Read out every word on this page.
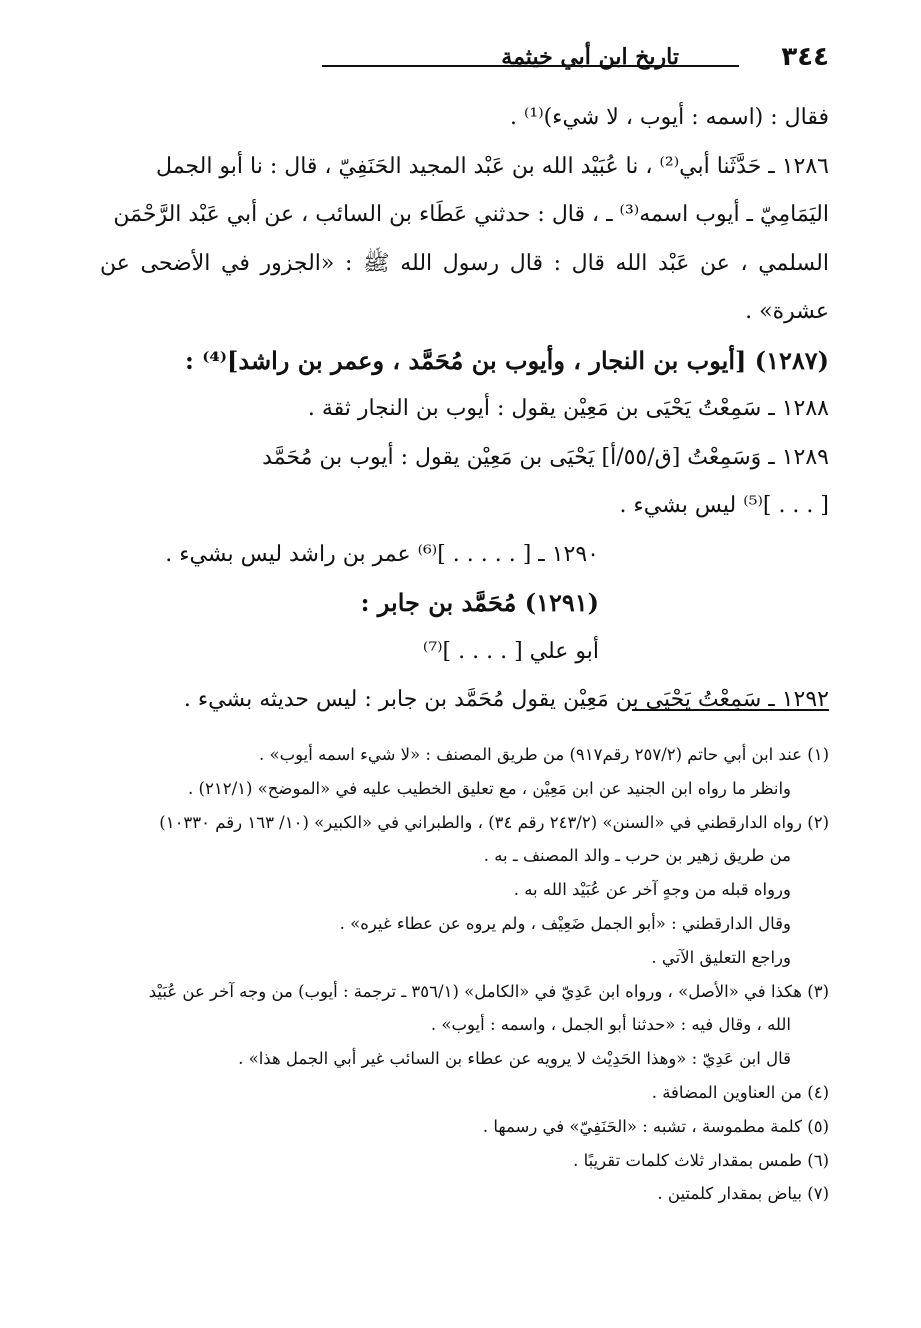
٣٤٤
تاريخ ابن أبي خيثمة

فقال : (اسمه : أيوب ، لا شيء)⁽¹⁾ .

١٢٨٦ ـ حَدَّثَنا أبي⁽²⁾ ، نا عُبَيْد الله بن عَبْد المجيد الحَنَفِيّ ، قال : نا أبو الجمل

اليَمَامِيّ ـ أيوب اسمه⁽³⁾ ـ ، قال : حدثني عَطَاء بن السائب ، عن أبي عَبْد الرَّحْمَن

السلمي ، عن عَبْد الله قال : قال رسول الله ﷺ : «الجزور في الأضحى عن عشرة» .

(١٢٨٧) [أيوب بن النجار ، وأيوب بن مُحَمَّد ، وعمر بن راشد]⁽⁴⁾ :

١٢٨٨ ـ سَمِعْتُ يَحْيَى بن مَعِيْن يقول : أيوب بن النجار ثقة .

١٢٨٩ ـ وَسَمِعْتُ [ق/٥٥/أ] يَحْيَى بن مَعِيْن يقول : أيوب بن مُحَمَّد

[ . . . ]⁽⁵⁾ ليس بشيء .

١٢٩٠ ـ [ . . . . . ]⁽⁶⁾ عمر بن راشد ليس بشيء .

(١٢٩١) مُحَمَّد بن جابر :

أبو علي [ . . . . ]⁽⁷⁾

١٢٩٢ ـ سَمِعْتُ يَحْيَى بن مَعِيْن يقول مُحَمَّد بن جابر : ليس حديثه بشيء .

(١) عند ابن أبي حاتم (٢٥٧/٢ رقم٩١٧) من طريق المصنف : «لا شيء اسمه أيوب» .

وانظر ما رواه ابن الجنيد عن ابن مَعِيْن ، مع تعليق الخطيب عليه في «الموضح» (٢١٢/١) .

(٢) رواه الدارقطني في «السنن» (٢٤٣/٢ رقم ٣٤) ، والطبراني في «الكبير» (١٠/ ١٦٣ رقم ١٠٣٣٠)

من طريق زهير بن حرب ـ والد المصنف ـ به .

ورواه قبله من وجهٍ آخر عن عُبَيْد الله به .

وقال الدارقطني : «أبو الجمل ضَعِيْف ، ولم يروه عن عطاء غيره» .

وراجع التعليق الآتي .

(٣) هكذا في «الأصل» ، ورواه ابن عَدِيّ في «الكامل» (٣٥٦/١ ـ ترجمة : أيوب) من وجه آخر عن عُبَيْد

الله ، وقال فيه : «حدثنا أبو الجمل ، واسمه : أيوب» .

قال ابن عَدِيّ : «وهذا الحَدِيْث لا يرويه عن عطاء بن السائب غير أبي الجمل هذا» .

(٤) من العناوين المضافة .

(٥) كلمة مطموسة ، تشبه : «الحَنَفِيّ» في رسمها .

(٦) طمس بمقدار ثلاث كلمات تقريبًا .

(٧) بياض بمقدار كلمتين .
